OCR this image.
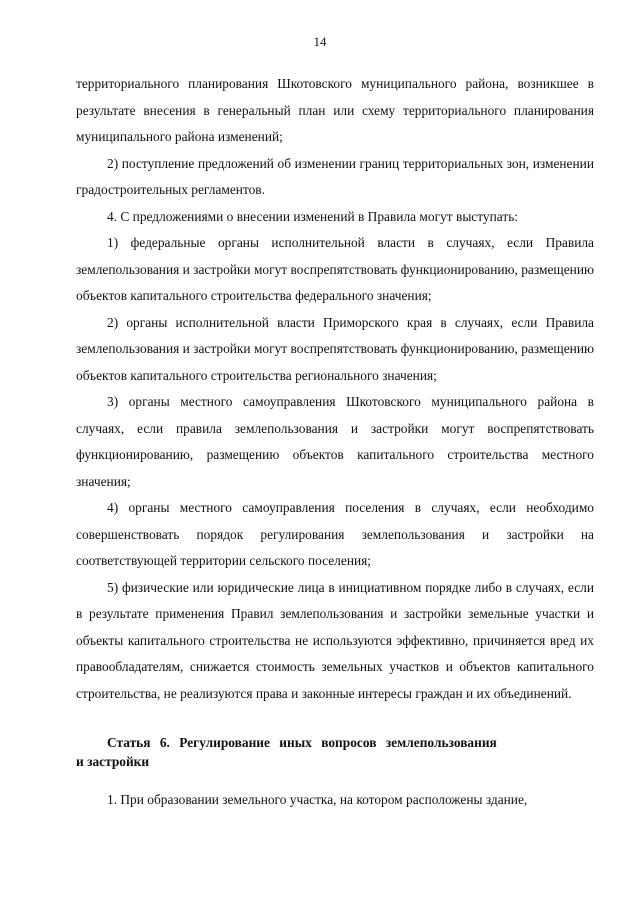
14

территориального планирования Шкотовского муниципального района, возникшее в результате внесения в генеральный план или схему территориального планирования муниципального района изменений;

2) поступление предложений об изменении границ территориальных зон, изменении градостроительных регламентов.

4. С предложениями о внесении изменений в Правила могут выступать:

1) федеральные органы исполнительной власти в случаях, если Правила землепользования и застройки могут воспрепятствовать функционированию, размещению объектов капитального строительства федерального значения;

2) органы исполнительной власти Приморского края в случаях, если Правила землепользования и застройки могут воспрепятствовать функционированию, размещению объектов капитального строительства регионального значения;

3) органы местного самоуправления Шкотовского муниципального района в случаях, если правила землепользования и застройки могут воспрепятствовать функционированию, размещению объектов капитального строительства местного значения;

4) органы местного самоуправления поселения в случаях, если необходимо совершенствовать порядок регулирования землепользования и застройки на соответствующей территории сельского поселения;

5) физические или юридические лица в инициативном порядке либо в случаях, если в результате применения Правил землепользования и застройки земельные участки и объекты капитального строительства не используются эффективно, причиняется вред их правообладателям, снижается стоимость земельных участков и объектов капитального строительства, не реализуются права и законные интересы граждан и их объединений.

Статья 6. Регулирование иных вопросов землепользования
и застройки

1. При образовании земельного участка, на котором расположены здание,
